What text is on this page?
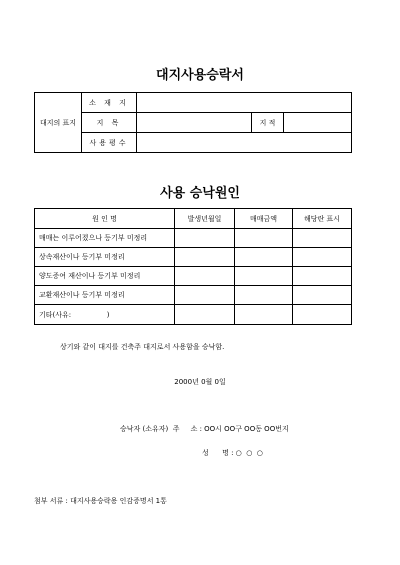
대지사용승락서
대지의 표지	소 재 지			
	지 목		지 적	
	사용평수			
사용 승낙원인
원 인 명	발생년월일	매매금액	해당란 표시
매매는 이루어졌으나 등기부 미정리			
상속재산이나 등기부 미정리			
양도증여 재산이나 등기부 미정리			
교환재산이나 등기부 미정리			
기타(사유:                )			
상기와 같이 대지를 건축주 대지로서 사용함을 승낙함.
2000년 0월 0일
승낙자 (소유자)  주     소 : OO시 OO구 OO동 OO번지
성      명 : ○  ○  ○
첨부 서류 : 대지사용승락용 인감증명서 1통
